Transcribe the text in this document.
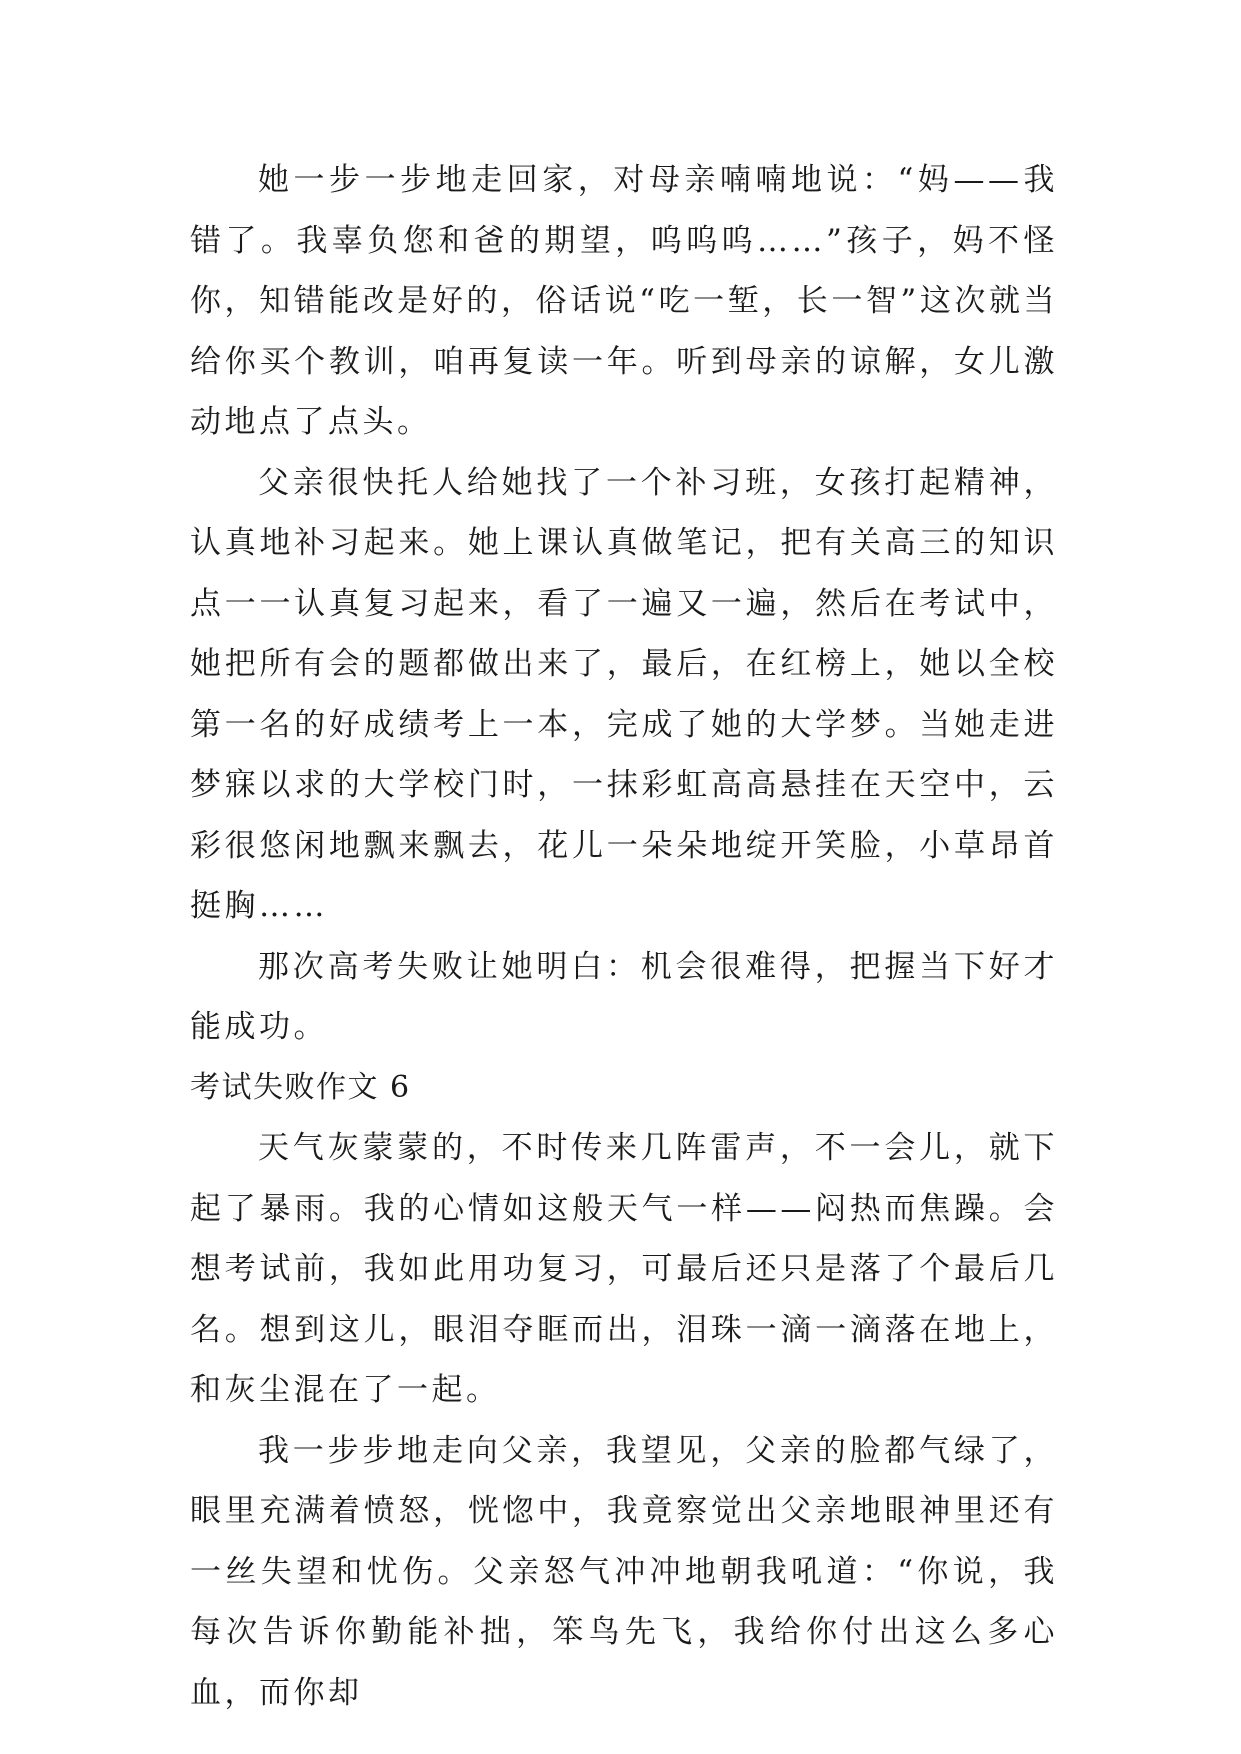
她一步一步地走回家，对母亲喃喃地说：“妈——我错了。我辜负您和爸的期望，呜呜呜……”孩子，妈不怪你，知错能改是好的，俗话说“吃一堑，长一智”这次就当给你买个教训，咱再复读一年。听到母亲的谅解，女儿激动地点了点头。

父亲很快托人给她找了一个补习班，女孩打起精神，认真地补习起来。她上课认真做笔记，把有关高三的知识点一一认真复习起来，看了一遍又一遍，然后在考试中，她把所有会的题都做出来了，最后，在红榜上，她以全校第一名的好成绩考上一本，完成了她的大学梦。当她走进梦寐以求的大学校门时，一抹彩虹高高悬挂在天空中，云彩很悠闲地飘来飘去，花儿一朵朵地绽开笑脸，小草昂首挺胸……

那次高考失败让她明白：机会很难得，把握当下好才能成功。

考试失败作文 6

天气灰蒙蒙的，不时传来几阵雷声，不一会儿，就下起了暴雨。我的心情如这般天气一样——闷热而焦躁。会想考试前，我如此用功复习，可最后还只是落了个最后几名。想到这儿，眼泪夺眶而出，泪珠一滴一滴落在地上，和灰尘混在了一起。

我一步步地走向父亲，我望见，父亲的脸都气绿了，眼里充满着愤怒，恍惚中，我竟察觉出父亲地眼神里还有一丝失望和忧伤。父亲怒气冲冲地朝我吼道：“你说，我每次告诉你勤能补拙，笨鸟先飞，我给你付出这么多心血，而你却
